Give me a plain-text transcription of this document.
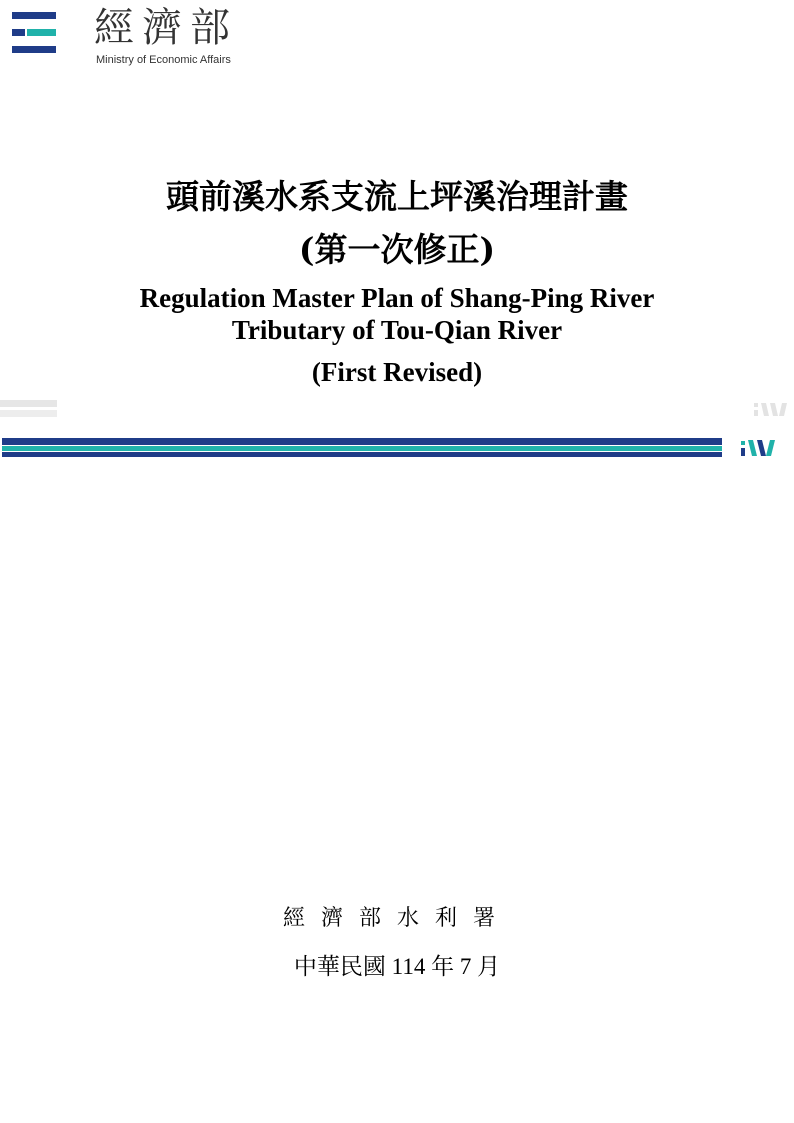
經濟部
Ministry of Economic Affairs
頭前溪水系支流上坪溪治理計畫
(第一次修正)
Regulation Master Plan of Shang-Ping River
Tributary of Tou-Qian River
(First Revised)
經濟部水利署
中華民國 114 年 7 月
